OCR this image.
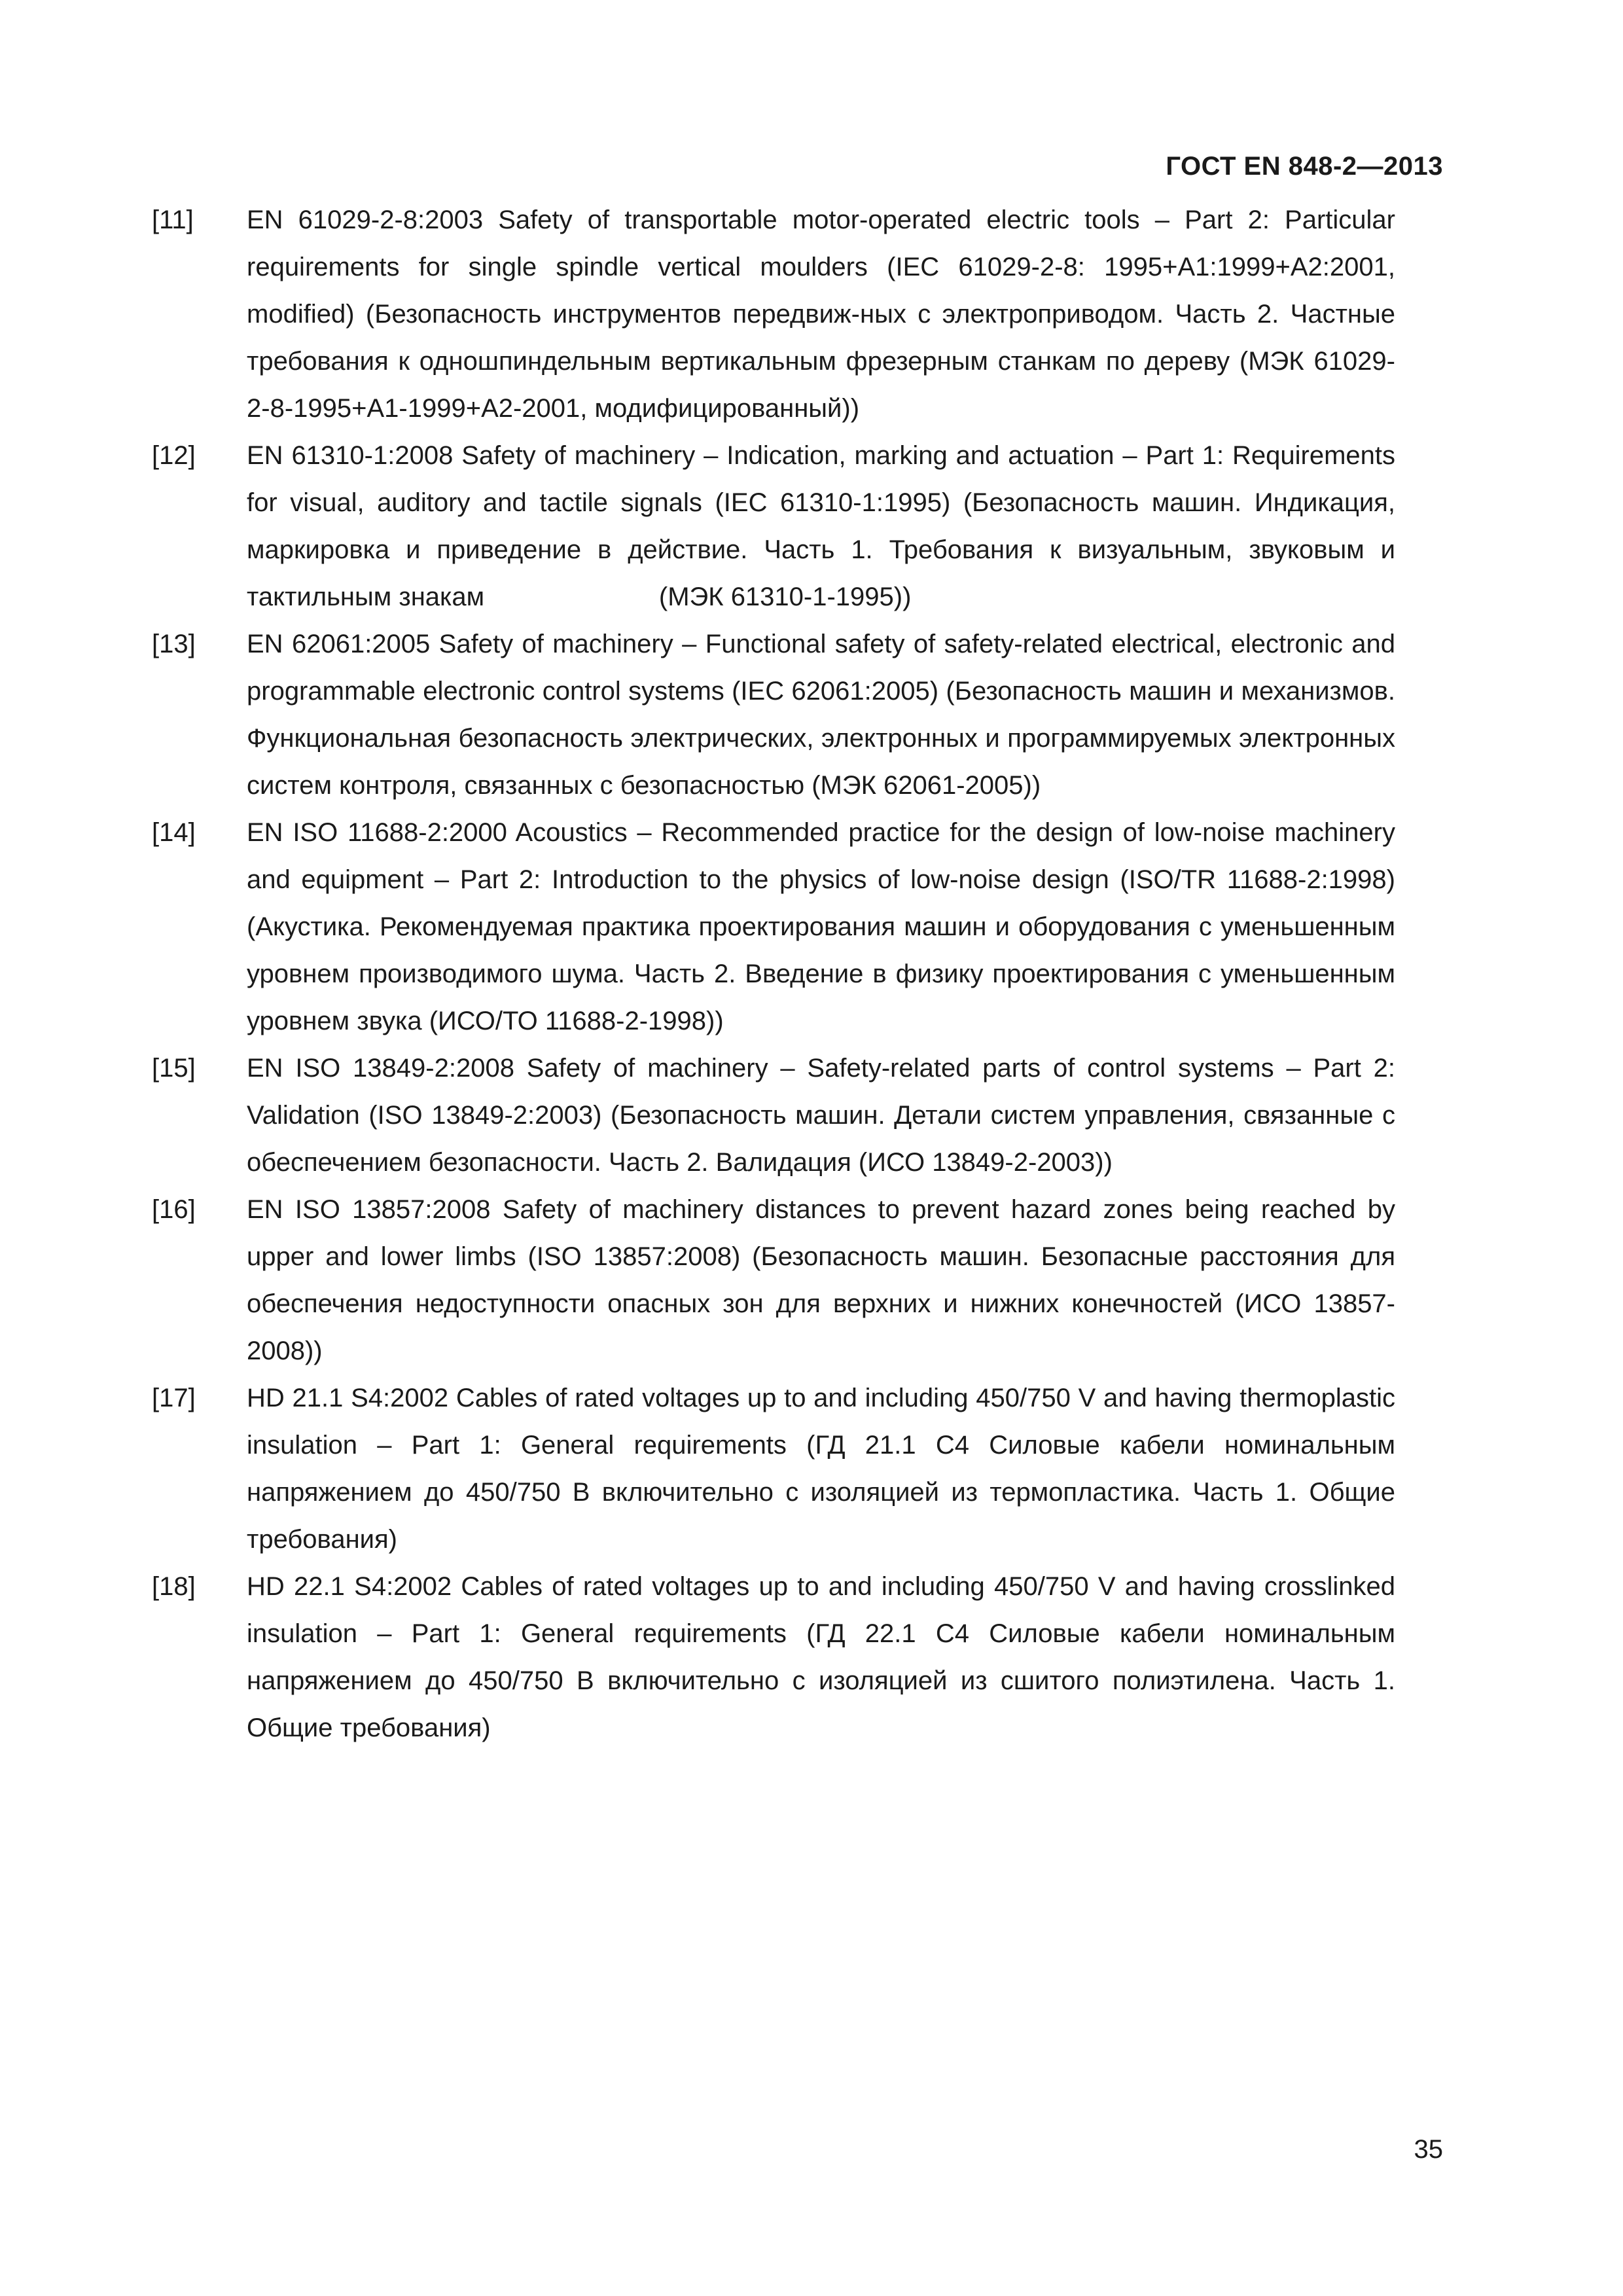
ГОСТ EN 848-2—2013
[11]	EN 61029-2-8:2003 Safety of transportable motor-operated electric tools – Part 2: Particular requirements for single spindle vertical moulders (IEC 61029-2-8: 1995+A1:1999+A2:2001, modified) (Безопасность инструментов передвиж-ных с электроприводом. Часть 2. Частные требования к одношпиндельным вертикальным фрезерным станкам по дереву (МЭК 61029-2-8-1995+А1-1999+А2-2001, модифицированный))
[12]	EN 61310-1:2008 Safety of machinery – Indication, marking and actuation – Part 1: Requirements for visual, auditory and tactile signals (IEC 61310-1:1995) (Безопасность машин. Индикация, маркировка и приведение в действие. Часть 1. Требования к визуальным, звуковым и тактильным знакам                        (МЭК 61310-1-1995))
[13]	EN 62061:2005 Safety of machinery – Functional safety of safety-related electrical, electronic and programmable electronic control systems (IEC 62061:2005) (Безопасность машин и механизмов. Функциональная безопасность электрических, электронных и программируемых электронных систем контроля, связанных с безопасностью (МЭК 62061-2005))
[14]	EN ISO 11688-2:2000 Acoustics – Recommended practice for the design of low-noise machinery and equipment – Part 2: Introduction to the physics of low-noise design (ISO/TR 11688-2:1998) (Акустика. Рекомендуемая практика проектирования машин и оборудования с уменьшенным уровнем производимого шума. Часть 2. Введение в физику проектирования с уменьшенным уровнем звука (ИСО/ТО 11688-2-1998))
[15]	EN ISO 13849-2:2008 Safety of machinery – Safety-related parts of control systems – Part 2: Validation (ISO 13849-2:2003) (Безопасность машин. Детали систем управления, связанные с обеспечением безопасности. Часть 2. Валидация (ИСО 13849-2-2003))
[16]	EN ISO 13857:2008 Safety of machinery distances to prevent hazard zones being reached by upper and lower limbs (ISO 13857:2008) (Безопасность машин. Безопасные расстояния для обеспечения недоступности опасных зон для верхних и нижних конечностей (ИСО 13857-2008))
[17]	HD 21.1 S4:2002 Cables of rated voltages up to and including 450/750 V and having thermoplastic insulation – Part 1: General requirements (ГД 21.1 С4 Силовые кабели номинальным напряжением до 450/750 В включительно с изоляцией из термопластика. Часть 1. Общие требования)
[18]	HD 22.1 S4:2002 Cables of rated voltages up to and including 450/750 V and having crosslinked insulation – Part 1: General requirements (ГД 22.1 С4 Силовые кабели номинальным напряжением до 450/750 В включительно с изоляцией из сшитого полиэтилена. Часть 1. Общие требования)
35
